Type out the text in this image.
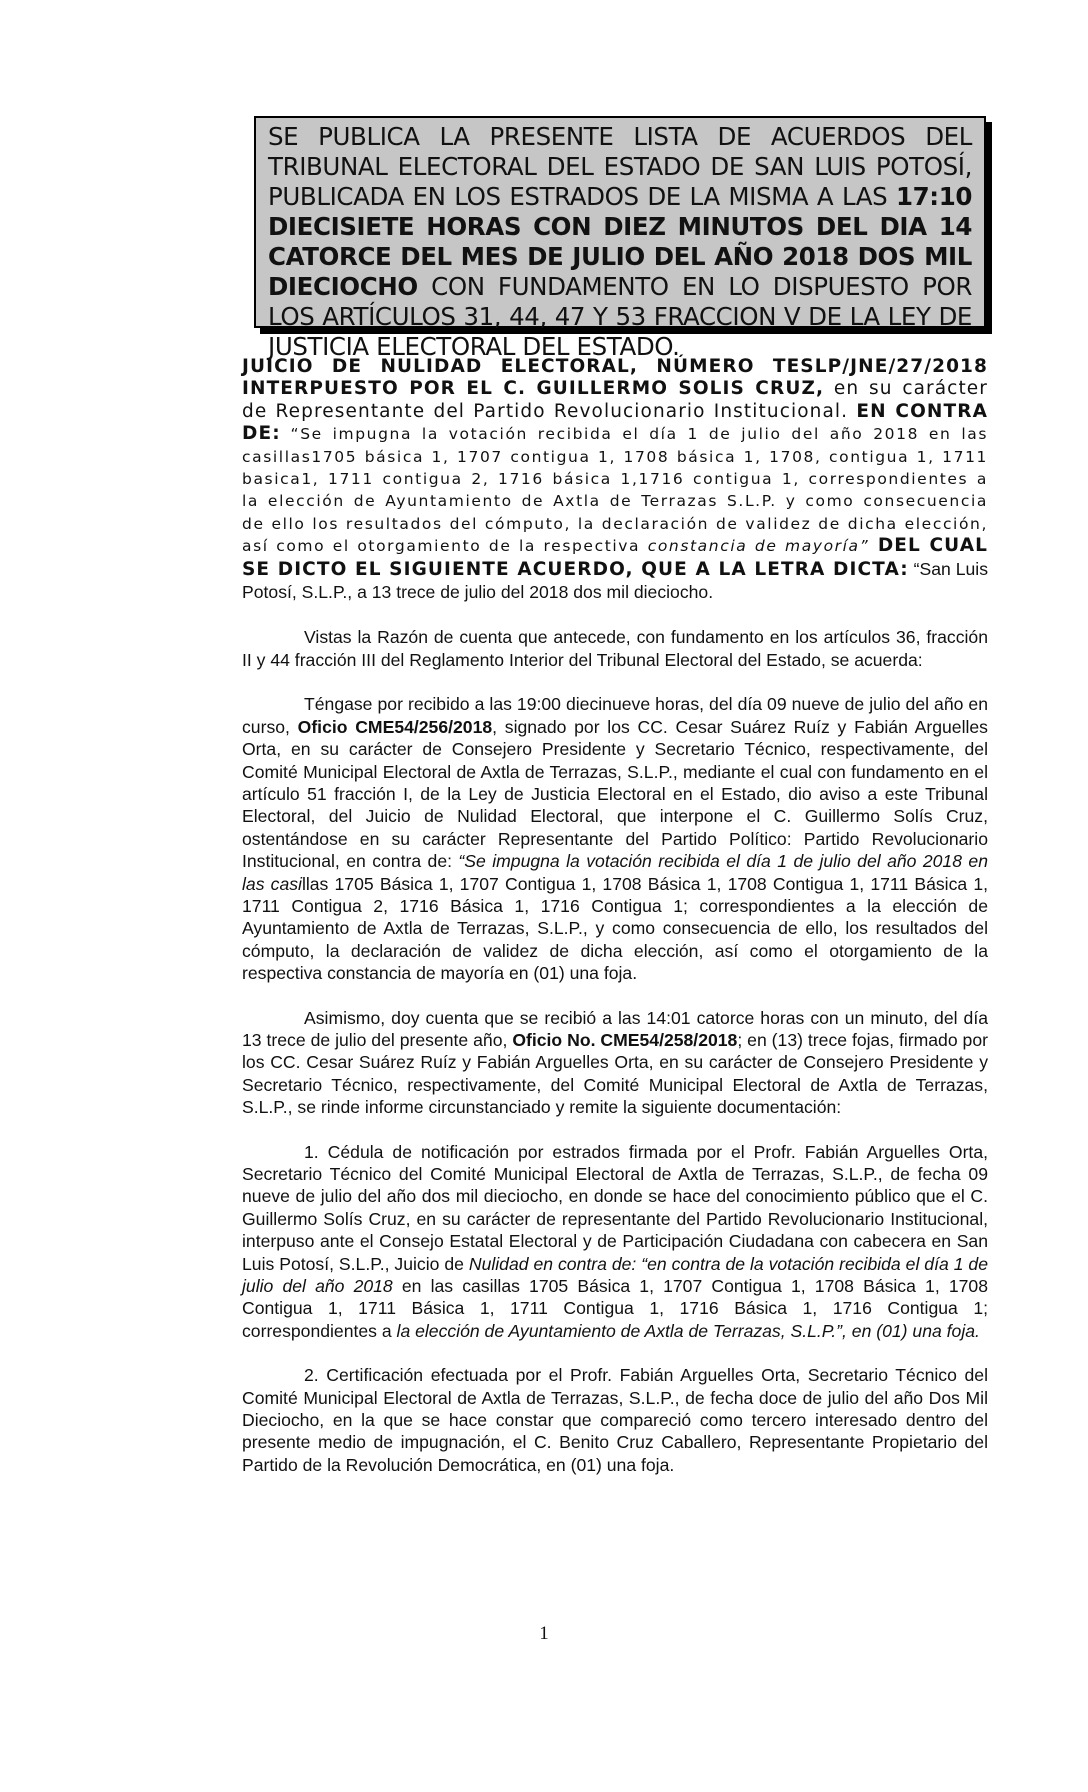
SE PUBLICA LA PRESENTE LISTA DE ACUERDOS DEL TRIBUNAL ELECTORAL DEL ESTADO DE SAN LUIS POTOSÍ, PUBLICADA EN LOS ESTRADOS DE LA MISMA A LAS 17:10 DIECISIETE HORAS CON DIEZ MINUTOS DEL DIA 14 CATORCE DEL MES DE JULIO DEL AÑO 2018 DOS MIL DIECIOCHO CON FUNDAMENTO EN LO DISPUESTO POR LOS ARTÍCULOS 31, 44, 47 Y 53 FRACCION V DE LA LEY DE JUSTICIA ELECTORAL DEL ESTADO.

JUICIO DE NULIDAD ELECTORAL, NÚMERO TESLP/JNE/27/2018 INTERPUESTO POR EL C. GUILLERMO SOLIS CRUZ, en su carácter de Representante del Partido Revolucionario Institucional. EN CONTRA DE: “Se impugna la votación recibida el día 1 de julio del año 2018 en las casillas1705 básica 1, 1707 contigua 1, 1708 básica 1, 1708, contigua 1, 1711 basica1, 1711 contigua 2, 1716 básica 1,1716 contigua 1, correspondientes a la elección de Ayuntamiento de Axtla de Terrazas S.L.P. y como consecuencia de ello los resultados del cómputo, la declaración de validez de dicha elección, así como el otorgamiento de la respectiva constancia de mayoría” DEL CUAL SE DICTO EL SIGUIENTE ACUERDO, QUE A LA LETRA DICTA: “San Luis Potosí, S.L.P., a 13 trece de julio del 2018 dos mil dieciocho.

Vistas la Razón de cuenta que antecede, con fundamento en los artículos 36, fracción II y 44 fracción III del Reglamento Interior del Tribunal Electoral del Estado, se acuerda:

Téngase por recibido a las 19:00 diecinueve horas, del día 09 nueve de julio del año en curso, Oficio CME54/256/2018, signado por los CC. Cesar Suárez Ruíz y Fabián Arguelles Orta, en su carácter de Consejero Presidente y Secretario Técnico, respectivamente, del Comité Municipal Electoral de Axtla de Terrazas, S.L.P., mediante el cual con fundamento en el artículo 51 fracción I, de la Ley de Justicia Electoral en el Estado, dio aviso a este Tribunal Electoral, del Juicio de Nulidad Electoral, que interpone el C. Guillermo Solís Cruz, ostentándose en su carácter Representante del Partido Político: Partido Revolucionario Institucional, en contra de: “Se impugna la votación recibida el día 1 de julio del año 2018 en las casillas 1705 Básica 1, 1707 Contigua 1, 1708 Básica 1, 1708 Contigua 1, 1711 Básica 1, 1711 Contigua 2, 1716 Básica 1, 1716 Contigua 1; correspondientes a la elección de Ayuntamiento de Axtla de Terrazas, S.L.P., y como consecuencia de ello, los resultados del cómputo, la declaración de validez de dicha elección, así como el otorgamiento de la respectiva constancia de mayoría en (01) una foja.

Asimismo, doy cuenta que se recibió a las 14:01 catorce horas con un minuto, del día 13 trece de julio del presente año, Oficio No. CME54/258/2018; en (13) trece fojas, firmado por los CC. Cesar Suárez Ruíz y Fabián Arguelles Orta, en su carácter de Consejero Presidente y Secretario Técnico, respectivamente, del Comité Municipal Electoral de Axtla de Terrazas, S.L.P., se rinde informe circunstanciado y remite la siguiente documentación:

1. Cédula de notificación por estrados firmada por el Profr. Fabián Arguelles Orta, Secretario Técnico del Comité Municipal Electoral de Axtla de Terrazas, S.L.P., de fecha 09 nueve de julio del año dos mil dieciocho, en donde se hace del conocimiento público que el C. Guillermo Solís Cruz, en su carácter de representante del Partido Revolucionario Institucional, interpuso ante el Consejo Estatal Electoral y de Participación Ciudadana con cabecera en San Luis Potosí, S.L.P., Juicio de Nulidad en contra de: “en contra de la votación recibida el día 1 de julio del año 2018 en las casillas 1705 Básica 1, 1707 Contigua 1, 1708 Básica 1, 1708 Contigua 1, 1711 Básica 1, 1711 Contigua 1, 1716 Básica 1, 1716 Contigua 1; correspondientes a la elección de Ayuntamiento de Axtla de Terrazas, S.L.P.”, en (01) una foja.

2. Certificación efectuada por el Profr. Fabián Arguelles Orta, Secretario Técnico del Comité Municipal Electoral de Axtla de Terrazas, S.L.P., de fecha doce de julio del año Dos Mil Dieciocho, en la que se hace constar que compareció como tercero interesado dentro del presente medio de impugnación, el C. Benito Cruz Caballero, Representante Propietario del Partido de la Revolución Democrática, en (01) una foja.

1
